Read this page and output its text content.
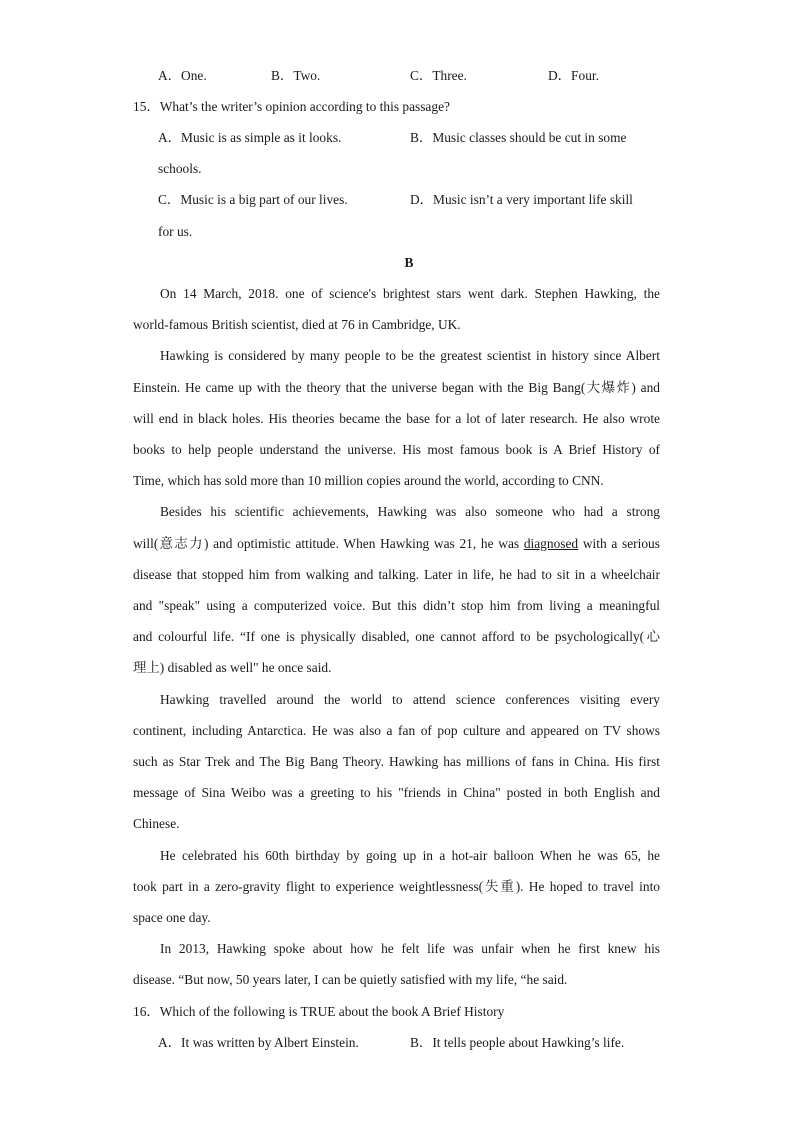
A．One.	B．Two.	C．Three.	D．Four.
15．What’s the writer’s opinion according to this passage?
A．Music is as simple as it looks.	B．Music classes should be cut in some
schools.
C．Music is a big part of our lives.	D．Music isn’t a very important life skill
for us.
B
On 14 March, 2018. one of science's brightest stars went dark. Stephen Hawking, the
world-famous British scientist, died at 76 in Cambridge, UK.
Hawking is considered by many people to be the greatest scientist in history since Albert
Einstein. He came up with the theory that the universe began with the Big Bang(大爆炸) and
will end in black holes. His theories became the base for a lot of later research. He also wrote
books to help people understand the universe. His most famous book is A Brief History of
Time, which has sold more than 10 million copies around the world, according to CNN.
Besides his scientific achievements, Hawking was also someone who had a strong
will(意志力) and optimistic attitude. When Hawking was 21, he was diagnosed with a serious
disease that stopped him from walking and talking. Later in life, he had to sit in a wheelchair
and "speak" using a computerized voice. But this didn’t stop him from living a meaningful
and colourful life. “If one is physically disabled, one cannot afford to be psychologically(心
理上) disabled as well" he once said.
Hawking travelled around the world to attend science conferences visiting every
continent, including Antarctica. He was also a fan of pop culture and appeared on TV shows
such as Star Trek and The Big Bang Theory. Hawking has millions of fans in China. His first
message of Sina Weibo was a greeting to his "friends in China" posted in both English and
Chinese.
He celebrated his 60th birthday by going up in a hot-air balloon When he was 65, he
took part in a zero-gravity flight to experience weightlessness(失重). He hoped to travel into
space one day.
In 2013, Hawking spoke about how he felt life was unfair when he first knew his
disease. “But now, 50 years later, I can be quietly satisfied with my life, “he said.
16．Which of the following is TRUE about the book A Brief History
A．It was written by Albert Einstein.	B．It tells people about Hawking’s life.
